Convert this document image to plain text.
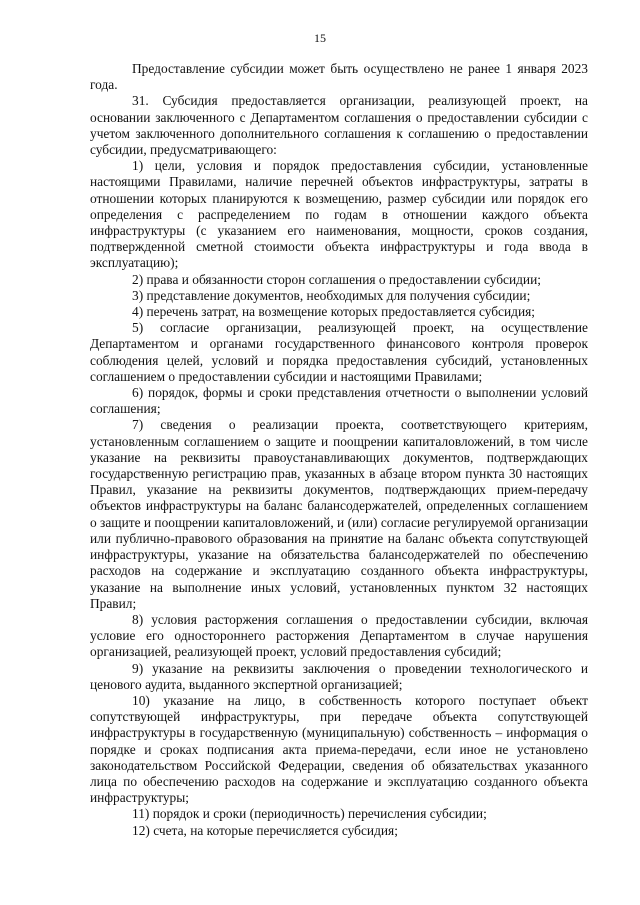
15

Предоставление субсидии может быть осуществлено не ранее 1 января 2023 года.

31. Субсидия предоставляется организации, реализующей проект, на основании заключенного с Департаментом соглашения о предоставлении субсидии с учетом заключенного дополнительного соглашения к соглашению о предоставлении субсидии, предусматривающего:

1) цели, условия и порядок предоставления субсидии, установленные настоящими Правилами, наличие перечней объектов инфраструктуры, затраты в отношении которых планируются к возмещению, размер субсидии или порядок его определения с распределением по годам в отношении каждого объекта инфраструктуры (с указанием его наименования, мощности, сроков создания, подтвержденной сметной стоимости объекта инфраструктуры и года ввода в эксплуатацию);

2) права и обязанности сторон соглашения о предоставлении субсидии;

3) представление документов, необходимых для получения субсидии;

4) перечень затрат, на возмещение которых предоставляется субсидия;

5) согласие организации, реализующей проект, на осуществление Департаментом и органами государственного финансового контроля проверок соблюдения целей, условий и порядка предоставления субсидий, установленных соглашением о предоставлении субсидии и настоящими Правилами;

6) порядок, формы и сроки представления отчетности о выполнении условий соглашения;

7) сведения о реализации проекта, соответствующего критериям, установленным соглашением о защите и поощрении капиталовложений, в том числе указание на реквизиты правоустанавливающих документов, подтверждающих государственную регистрацию прав, указанных в абзаце втором пункта 30 настоящих Правил, указание на реквизиты документов, подтверждающих прием-передачу объектов инфраструктуры на баланс балансодержателей, определенных соглашением о защите и поощрении капиталовложений, и (или) согласие регулируемой организации или публично-правового образования на принятие на баланс объекта сопутствующей инфраструктуры, указание на обязательства балансодержателей по обеспечению расходов на содержание и эксплуатацию созданного объекта инфраструктуры, указание на выполнение иных условий, установленных пунктом 32 настоящих Правил;

8) условия расторжения соглашения о предоставлении субсидии, включая условие его одностороннего расторжения Департаментом в случае нарушения организацией, реализующей проект, условий предоставления субсидий;

9) указание на реквизиты заключения о проведении технологического и ценового аудита, выданного экспертной организацией;

10) указание на лицо, в собственность которого поступает объект сопутствующей инфраструктуры, при передаче объекта сопутствующей инфраструктуры в государственную (муниципальную) собственность – информация о порядке и сроках подписания акта приема-передачи, если иное не установлено законодательством Российской Федерации, сведения об обязательствах указанного лица по обеспечению расходов на содержание и эксплуатацию созданного объекта инфраструктуры;

11) порядок и сроки (периодичность) перечисления субсидии;

12) счета, на которые перечисляется субсидия;
